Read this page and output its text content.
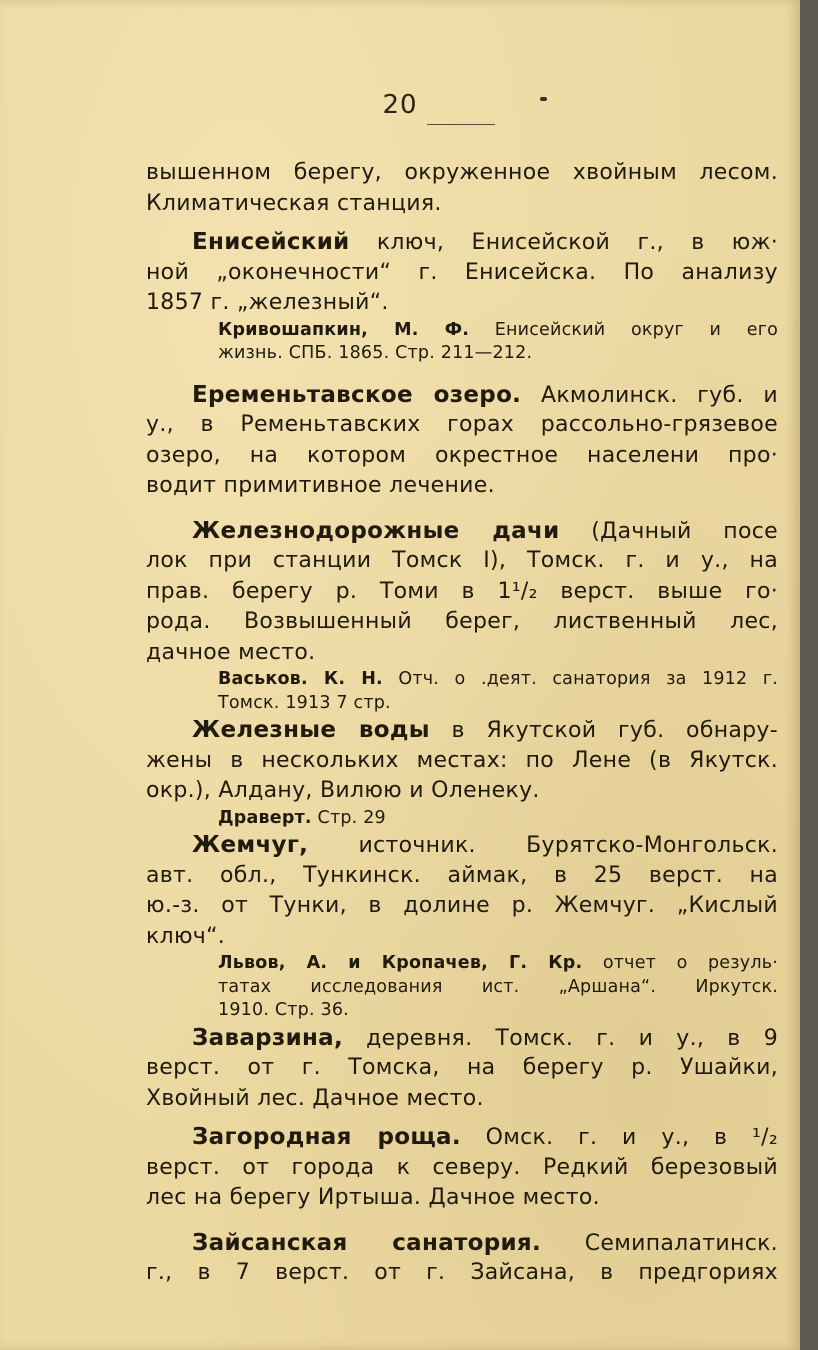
20
вышенном берегу, окруженное хвойным лесом.
Климатическая станция.
Енисейский ключ, Енисейской г., в юж·
ной „оконечности“ г. Енисейска. По анализу
1857 г. „железный“.
Кривошапкин, М. Ф. Енисейский округ и его
жизнь. СПБ. 1865. Стр. 211—212.
Еременьтавское озеро. Акмолинск. губ. и
у., в Ременьтавских горах рассольно-грязевое
озеро, на котором окрестное населени про·
водит примитивное лечение.
Железнодорожные дачи (Дачный посе
лок при станции Томск I), Томск. г. и у., на
прав. берегу р. Томи в 1¹/₂ верст. выше го·
рода. Возвышенный берег, лиственный лес,
дачное место.
Васьков. К. Н. Отч. о .деят. санатория за 1912 г.
Томск. 1913 7 стр.
Железные воды в Якутской губ. обнару-
жены в нескольких местах: по Лене (в Якутск.
окр.), Алдану, Вилюю и Оленеку.
Драверт. Стр. 29
Жемчуг, источник. Бурятско-Монгольск.
авт. обл., Тункинск. аймак, в 25 верст. на
ю.-з. от Тунки, в долине р. Жемчуг. „Кислый
ключ“.
Львов, А. и Кропачев, Г. Кр. отчет о резуль·
татах исследования ист. „Аршана“. Иркутск.
1910. Стр. 36.
Заварзина, деревня. Томск. г. и у., в 9
верст. от г. Томска, на берегу р. Ушайки,
Хвойный лес. Дачное место.
Загородная роща. Омск. г. и у., в ¹/₂
верст. от города к северу. Редкий березовый
лес на берегу Иртыша. Дачное место.
Зайсанская санатория. Семипалатинск.
г., в 7 верст. от г. Зайсана, в предгориях
